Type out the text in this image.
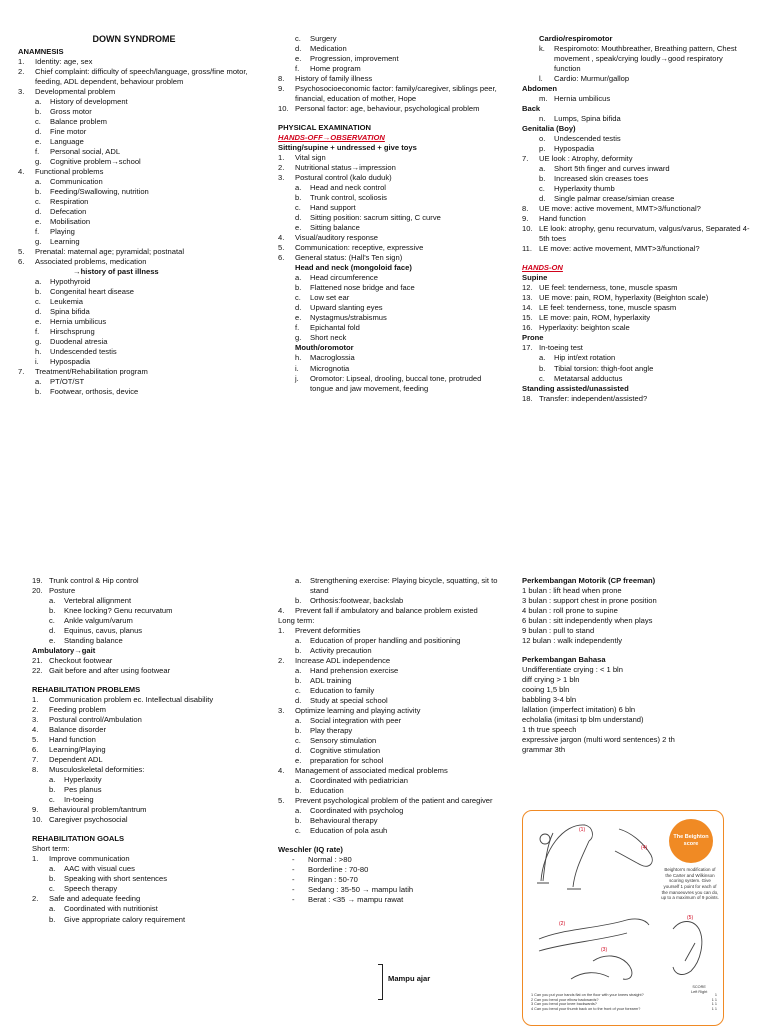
DOWN SYNDROME
ANAMNESIS
1.	Identity: age, sex
2.	Chief complaint: difficulty of speech/language, gross/fine motor, feeding, ADL dependent, behaviour problem
3.	Developmental problem
a.	History of development
b.	Gross motor
c.	Balance problem
d.	Fine motor
e.	Language
f.	Personal social, ADL
g.	Cognitive problem→school
4.	Functional problems
a.	Communication
b.	Feeding/Swallowing, nutrition
c.	Respiration
d.	Defecation
e.	Mobilisation
f.	Playing
g.	Learning
5.	Prenatal: maternal age; pyramidal; postnatal
6.	Associated problems, medication
→history of past illness
a.	Hypothyroid
b.	Congenital heart disease
c.	Leukemia
d.	Spina bifida
e.	Hernia umbilicus
f.	Hirschsprung
g.	Duodenal atresia
h.	Undescended testis
i.	Hypospadia
7.	Treatment/Rehabilitation program
a.	PT/OT/ST
b.	Footwear, orthosis, device
c.	Surgery
d.	Medication
e.	Progression, improvement
f.	Home program
8.	History of family illness
9.	Psychosocioeconomic factor: family/caregiver, siblings peer, financial, education of mother, Hope
10. Personal factor: age, behaviour, psychological problem
PHYSICAL EXAMINATION
HANDS-OFF→OBSERVATION
Sitting/supine + undressed + give toys
1.	Vital sign
2.	Nutritional status→impression
3.	Postural control (kalo duduk)
a.	Head and neck control
b.	Trunk control, scoliosis
c.	Hand support
d.	Sitting position: sacrum sitting, C curve
e.	Sitting balance
4.	Visual/auditory response
5.	Communication: receptive, expressive
6.	General status: (Hall's Ten sign)
Head and neck (mongoloid face)
a.	Head circumference
b.	Flattened nose bridge and face
c.	Low set ear
d.	Upward slanting eyes
e.	Nystagmus/strabismus
f.	Epichantal fold
g.	Short neck
Mouth/oromotor
h.	Macroglossia
i.	Micrognotia
j.	Oromotor: Lipseal, drooling, buccal tone, protruded tongue and jaw movement, feeding
Cardio/respiromotor
k.	Respiromoto: Mouthbreather, Breathing pattern, Chest movement , speak/crying loudly→good respiratory function
l.	Cardio: Murmur/gallop
Abdomen
m. Hernia umbilicus
Back
n.	Lumps, Spina bifida
Genitalia (Boy)
o.	Undescended testis
p.	Hypospadia
7.	UE look : Atrophy, deformity
a.	Short 5th finger and curves inward
b.	Increased skin creases toes
c.	Hyperlaxity thumb
d.	Single palmar crease/simian crease
8.	UE move: active movement, MMT>3/functional?
9.	Hand function
10. LE look: atrophy, genu recurvatum, valgus/varus, Separated 4-5th toes
11. LE move: active movement, MMT>3/functional?
HANDS-ON
Supine
12. UE feel: tenderness, tone, muscle spasm
13. UE move: pain, ROM, hyperlaxity (Beighton scale)
14. LE feel: tenderness, tone, muscle spasm
15. LE move: pain, ROM, hyperlaxity
16. Hyperlaxity: beighton scale
Prone
17. In-toeing test
a.	Hip int/ext rotation
b.	Tibial torsion: thigh-foot angle
c.	Metatarsal adductus
Standing assisted/unassisted
18. Transfer: independent/assisted?
19. Trunk control & Hip control
20. Posture
a.	Vertebral allignment
b.	Knee locking? Genu recurvatum
c.	Ankle valgum/varum
d.	Equinus, cavus, planus
e.	Standing balance
Ambulatory→gait
21. Checkout footwear
22. Gait before and after using footwear
REHABILITATION PROBLEMS
1.	Communication problem ec. Intellectual disability
2.	Feeding problem
3.	Postural control/Ambulation
4.	Balance disorder
5.	Hand function
6.	Learning/Playing
7.	Dependent ADL
8.	Musculoskeletal deformities:
a.	Hyperlaxity
b.	Pes planus
c.	In-toeing
9.	Behavioural problem/tantrum
10. Caregiver psychosocial
REHABILITATION GOALS
Short term:
1.	Improve communication
a.	AAC with visual cues
b.	Speaking with short sentences
c.	Speech therapy
2.	Safe and adequate feeding
a.	Coordinated with nutritionist
b.	Give appropriate calory requirement
a.	Strengthening exercise: Playing bicycle, squatting, sit to stand
b.	Orthosis:footwear, backslab
4.	Prevent fall if ambulatory and balance problem existed
Long term:
1.	Prevent deformities
a.	Education of proper handling and positioning
b.	Activity precaution
2.	Increase ADL independence
a.	Hand prehension exercise
b.	ADL training
c.	Education to family
d.	Study at special school
3.	Optimize learning and playing activity
a.	Social integration with peer
b.	Play therapy
c.	Sensory stimulation
d.	Cognitive stimulation
e.	preparation for school
4.	Management of associated medical problems
a.	Coordinated with pediatrician
b.	Education
5.	Prevent psychological problem of the patient and caregiver
a.	Coordinated with psycholog
b.	Behavioural therapy
c.	Education of pola asuh
Weschler (IQ rate)
-	Normal : >80
-	Borderline : 70-80
-	Ringan : 50-70
-	Sedang : 35-50 → mampu latih
-	Berat : <35 → mampu rawat
Mampu ajar
Perkembangan Motorik (CP freeman)
1 bulan : lift head when prone
3 bulan : support chest in prone position
4 bulan : roll prone to supine
6 bulan : sitt independently when plays
9 bulan : pull to stand
12 bulan : walk independently
Perkembangan Bahasa
Undifferentiate crying : < 1 bln
diff crying > 1 bln
cooing 1,5 bln
babbling 3-4 bln
lallation (imperfect imitation) 6 bln
echolalia (imitasi tp blm understand)
1 th true speech
expressive jargon (multi word sentences) 2 th
grammar 3th
(1)
(2)
(3)
(4)
(5)
The Beighton score
Beighton's modification of the Carter and Wilkinson scoring system. Give yourself 1 point for each of the manoeuvres you can do, up to a maximum of 9 points.
SCORE
Left Right
1 Can you put your hands flat on the floor with your knees straight?	1
2 Can you bend your elbow backwards?	1 1
3 Can you bend your knee backwards?	1 1
4 Can you bend your thumb back on to the front of your forearm?	1 1
